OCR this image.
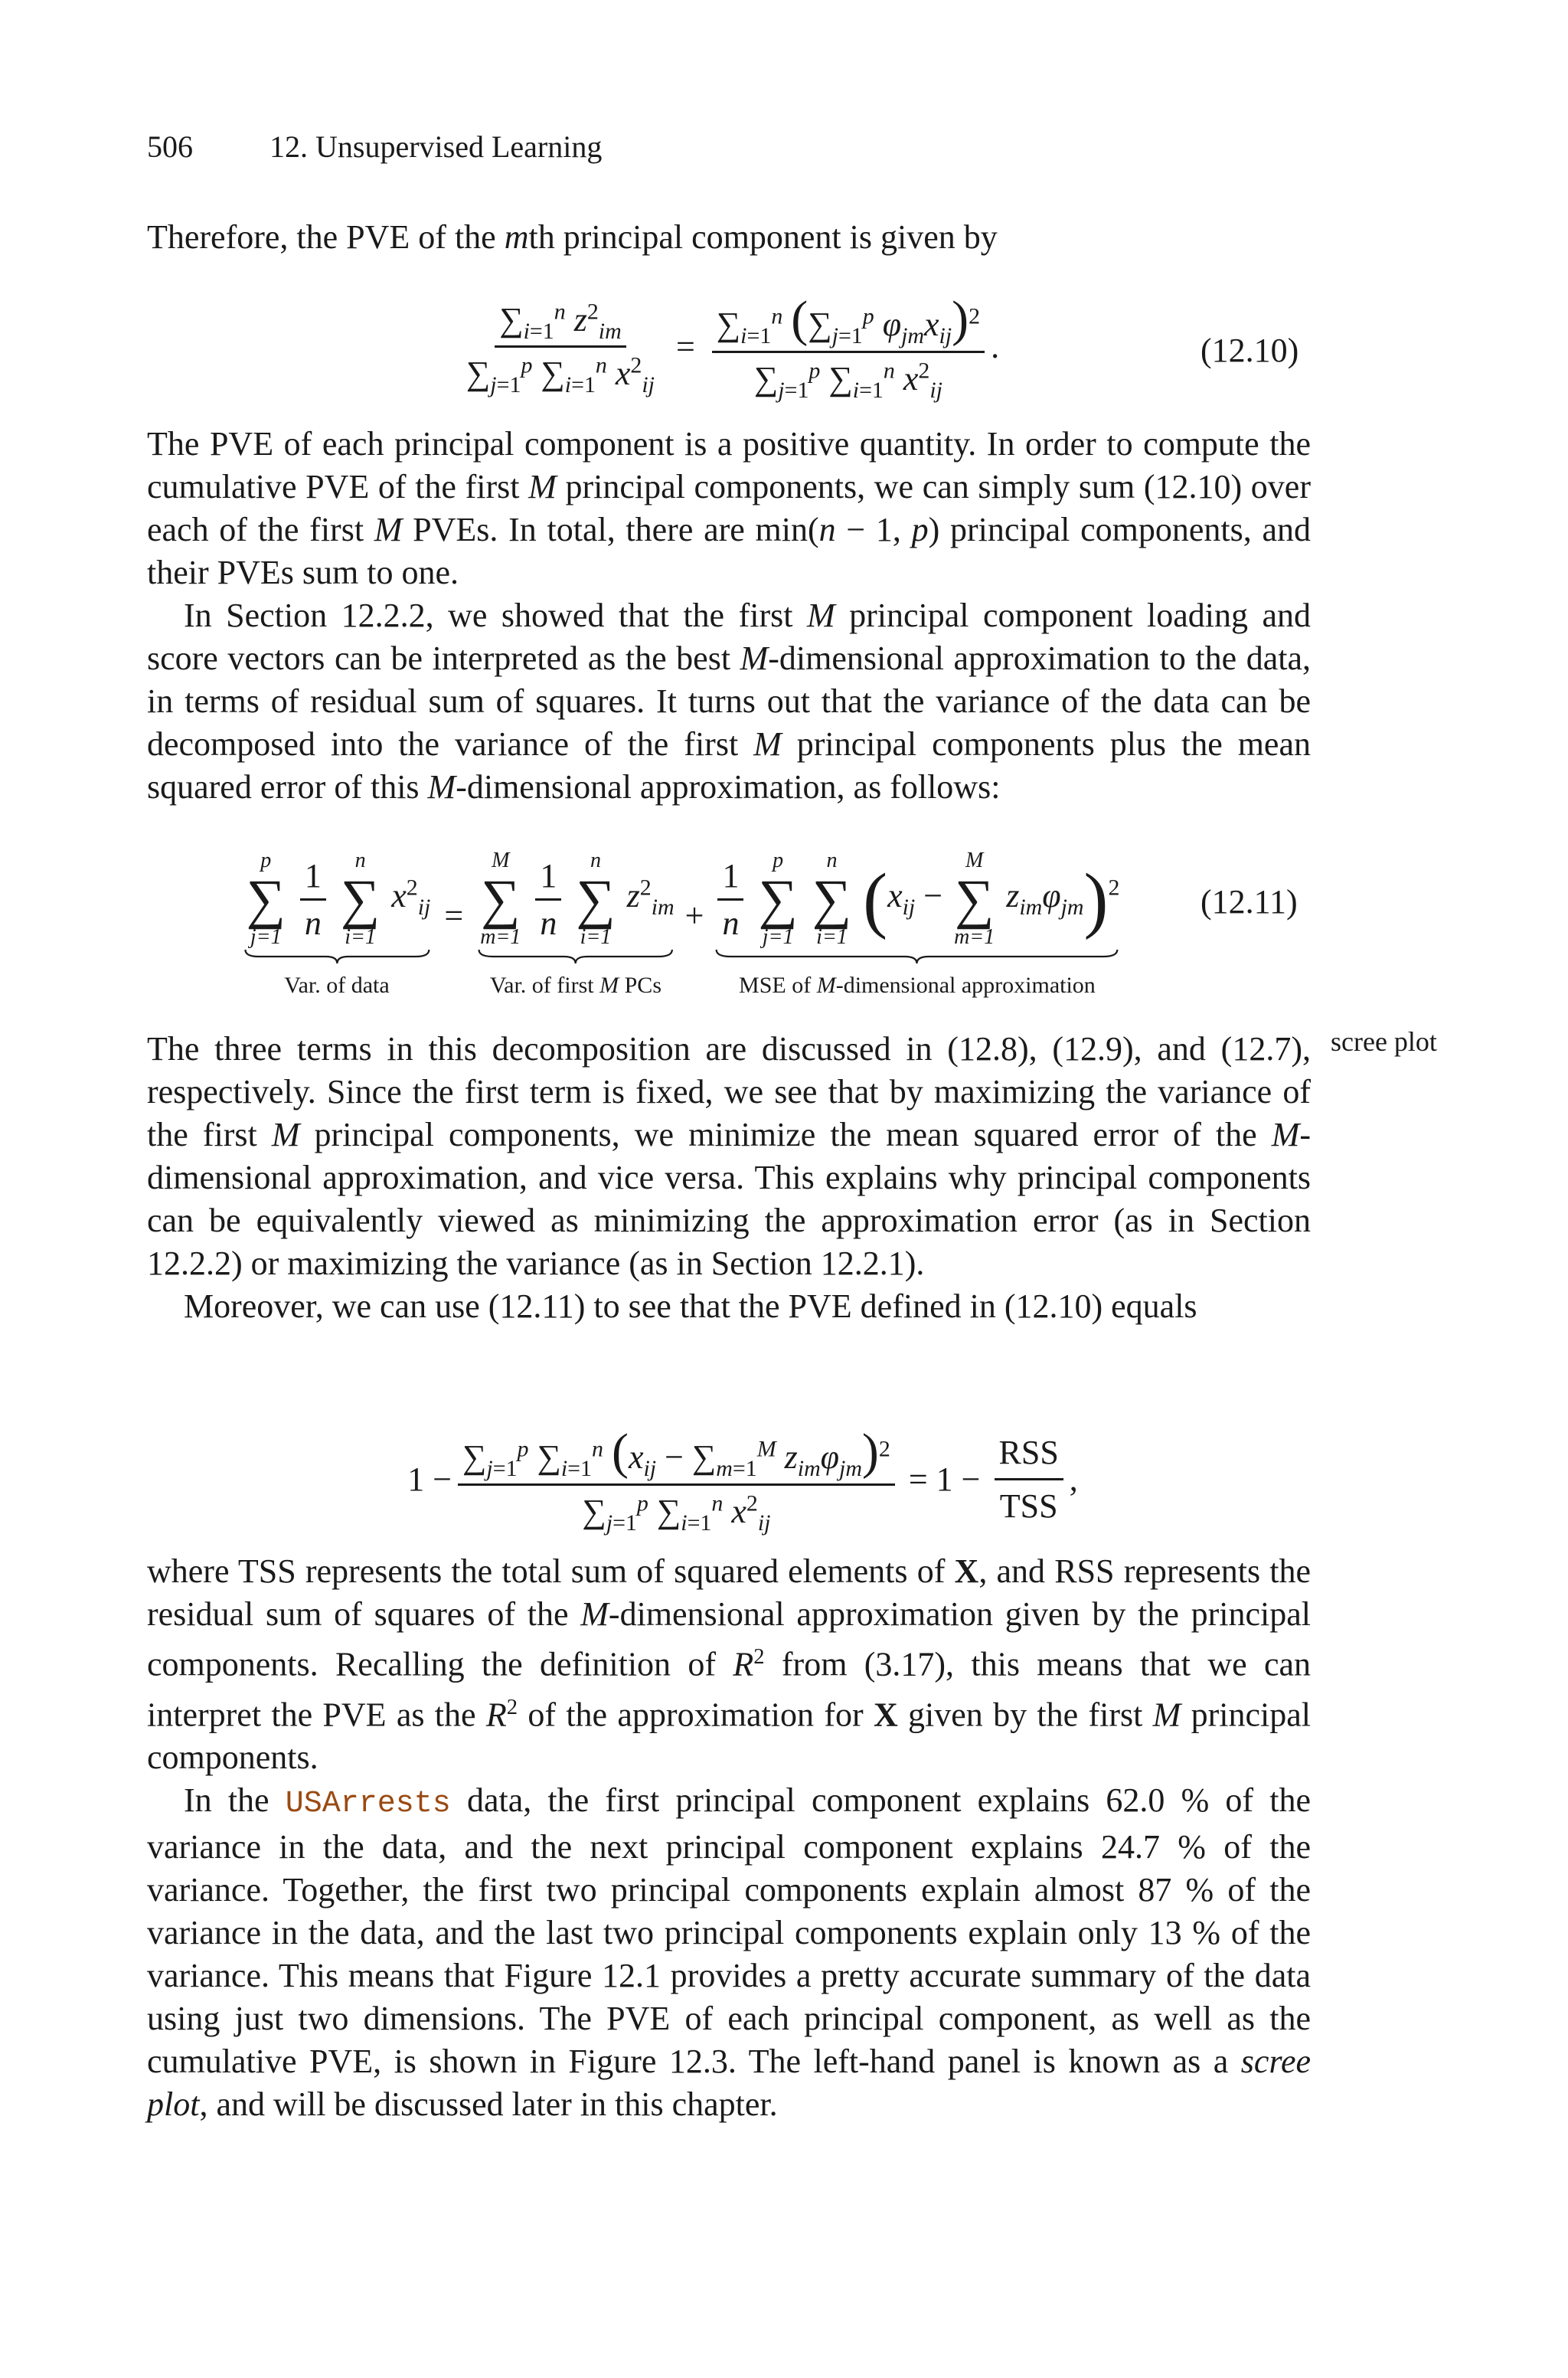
506	12. Unsupervised Learning

Therefore, the PVE of the mth principal component is given by

$\frac{\sum_{i=1}^n z^2_{im}}{\sum_{j=1}^p \sum_{i=1}^n x^2_{ij}} = \frac{\sum_{i=1}^n (\sum_{j=1}^p \varphi_{jm}x_{ij})^2}{\sum_{j=1}^p \sum_{i=1}^n x^2_{ij}}$ .	(12.10)

The PVE of each principal component is a positive quantity. In order to compute the cumulative PVE of the first M principal components, we can simply sum (12.10) over each of the first M PVEs. In total, there are min(n − 1, p) principal components, and their PVEs sum to one.

In Section 12.2.2, we showed that the first M principal component loading and score vectors can be interpreted as the best M-dimensional approximation to the data, in terms of residual sum of squares. It turns out that the variance of the data can be decomposed into the variance of the first M principal components plus the mean squared error of this M-dimensional approximation, as follows:

p
∑
j=1
$\frac{1}{n}$
n
∑
i=1
$x^2_{ij}$
Var. of data
=
M
∑
m=1
$\frac{1}{n}$
n
∑
i=1
$z^2_{im}$
Var. of first M PCs
+ $\frac{1}{n}$
p
∑
j=1

n
∑
i=1 ($x_{ij}$ −
M
∑
m=1
$z_{im}\varphi_{jm})^2$
MSE of M-dimensional approximation
(12.11)

The three terms in this decomposition are discussed in (12.8), (12.9), and (12.7), respectively. Since the first term is fixed, we see that by maximizing the variance of the first M principal components, we minimize the mean squared error of the M-dimensional approximation, and vice versa. This explains why principal components can be equivalently viewed as minimizing the approximation error (as in Section 12.2.2) or maximizing the variance (as in Section 12.2.1).

Moreover, we can use (12.11) to see that the PVE defined in (12.10) equals

$1 - \frac{\sum_{j=1}^p \sum_{i=1}^n (x_{ij} - \sum_{m=1}^M z_{im}\varphi_{jm})^2}{\sum_{j=1}^p \sum_{i=1}^n x^2_{ij}} = 1 - \frac{\text{RSS}}{\text{TSS}}$ ,

where TSS represents the total sum of squared elements of X, and RSS represents the residual sum of squares of the M-dimensional approximation given by the principal components. Recalling the definition of $R^2$ from (3.17), this means that we can interpret the PVE as the $R^2$ of the approximation for X given by the first M principal components.

In the USArrests data, the first principal component explains 62.0 % of the variance in the data, and the next principal component explains 24.7 % of the variance. Together, the first two principal components explain almost 87 % of the variance in the data, and the last two principal components explain only 13 % of the variance. This means that Figure 12.1 provides a pretty accurate summary of the data using just two dimensions. The PVE of each principal component, as well as the cumulative PVE, is shown in Figure 12.3. The left-hand panel is known as a scree plot, and will be discussed later in this chapter.

scree plot
